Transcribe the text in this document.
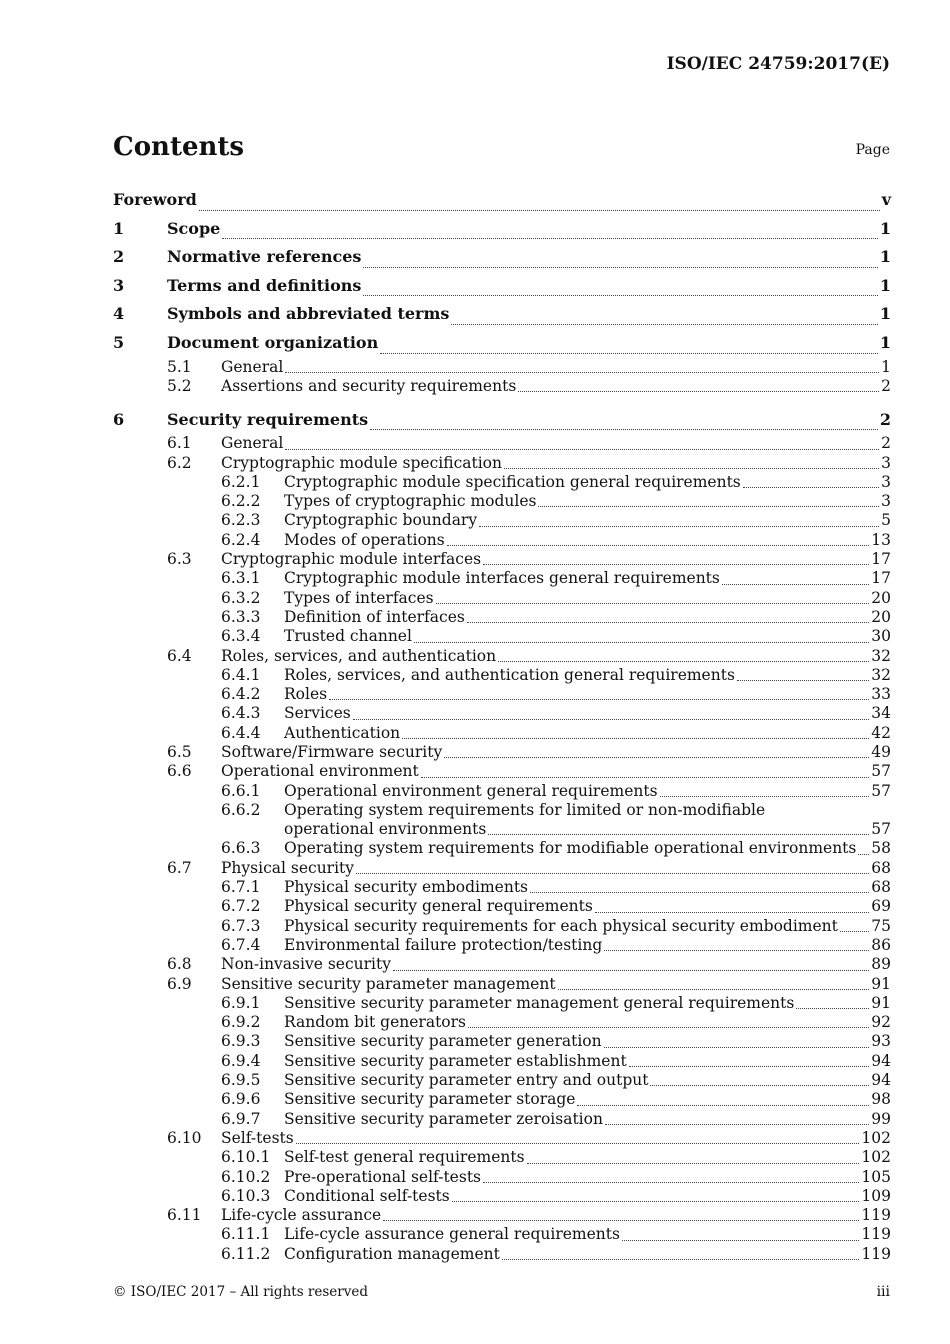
ISO/IEC 24759:2017(E)
Contents	Page
Foreword	v
1	Scope	1
2	Normative references	1
3	Terms and definitions	1
4	Symbols and abbreviated terms	1
5	Document organization	1
5.1	General	1
5.2	Assertions and security requirements	2
6	Security requirements	2
6.1	General	2
6.2	Cryptographic module specification	3
6.2.1	Cryptographic module specification general requirements	3
6.2.2	Types of cryptographic modules	3
6.2.3	Cryptographic boundary	5
6.2.4	Modes of operations	13
6.3	Cryptographic module interfaces	17
6.3.1	Cryptographic module interfaces general requirements	17
6.3.2	Types of interfaces	20
6.3.3	Definition of interfaces	20
6.3.4	Trusted channel	30
6.4	Roles, services, and authentication	32
6.4.1	Roles, services, and authentication general requirements	32
6.4.2	Roles	33
6.4.3	Services	34
6.4.4	Authentication	42
6.5	Software/Firmware security	49
6.6	Operational environment	57
6.6.1	Operational environment general requirements	57
6.6.2	Operating system requirements for limited or non-modifiable
operational environments	57
6.6.3	Operating system requirements for modifiable operational environments 58
6.7	Physical security	68
6.7.1	Physical security embodiments	68
6.7.2	Physical security general requirements	69
6.7.3	Physical security requirements for each physical security embodiment 75
6.7.4	Environmental failure protection/testing	86
6.8	Non-invasive security	89
6.9	Sensitive security parameter management	91
6.9.1	Sensitive security parameter management general requirements	91
6.9.2	Random bit generators	92
6.9.3	Sensitive security parameter generation	93
6.9.4	Sensitive security parameter establishment	94
6.9.5	Sensitive security parameter entry and output	94
6.9.6	Sensitive security parameter storage	98
6.9.7	Sensitive security parameter zeroisation	99
6.10	Self-tests	102
6.10.1 Self-test general requirements	102
6.10.2 Pre-operational self-tests	105
6.10.3 Conditional self-tests	109
6.11	Life-cycle assurance	119
6.11.1 Life-cycle assurance general requirements	119
6.11.2 Configuration management	119
© ISO/IEC 2017 – All rights reserved	iii
